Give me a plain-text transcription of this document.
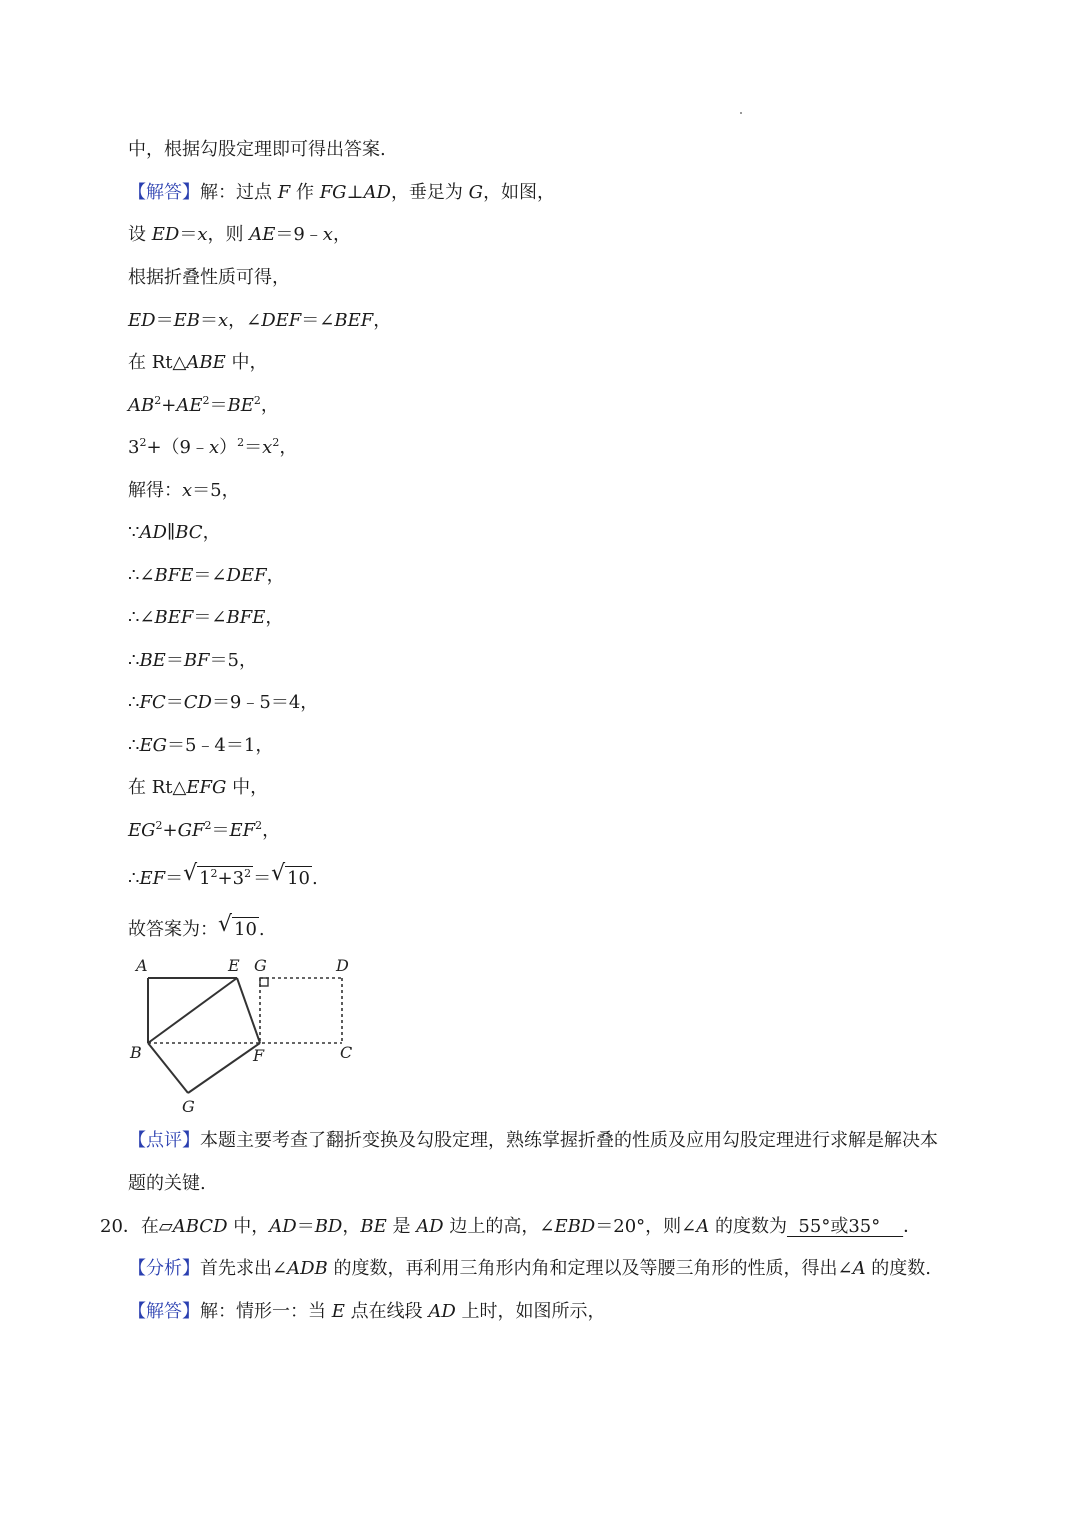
中，根据勾股定理即可得出答案.
【解答】解：过点 F 作 FG⊥AD，垂足为 G，如图，
设 ED＝x，则 AE＝9﹣x，
根据折叠性质可得，
ED＝EB＝x，∠DEF＝∠BEF，
在 Rt△ABE 中，
$AB^2+AE^2=BE^2$，
$3^2+(9﹣x)^2=x^2$，
解得：x＝5，
∵AD∥BC，
∴∠BFE＝∠DEF，
∴∠BEF＝∠BFE，
∴BE＝BF＝5，
∴FC＝CD＝9﹣5＝4，
∴EG＝5﹣4＝1，
在 Rt△EFG 中，
$EG^2+GF^2=EF^2$，
∴EF＝ √ $1^2+3^2$ ＝ √ 10 .
故答案为： √ 10 .
A	E G	D
B	F	C
G
【点评】本题主要考查了翻折变换及勾股定理，熟练掌握折叠的性质及应用勾股定理进行求解是解决本
题的关键.
20．在▱ABCD 中，AD＝BD，BE 是 AD 边上的高，∠EBD＝20°，则∠A 的度数为  55°或35°    ．
【分析】首先求出∠ADB 的度数，再利用三角形内角和定理以及等腰三角形的性质，得出∠A 的度数.
【解答】解：情形一：当 E 点在线段 AD 上时，如图所示，
